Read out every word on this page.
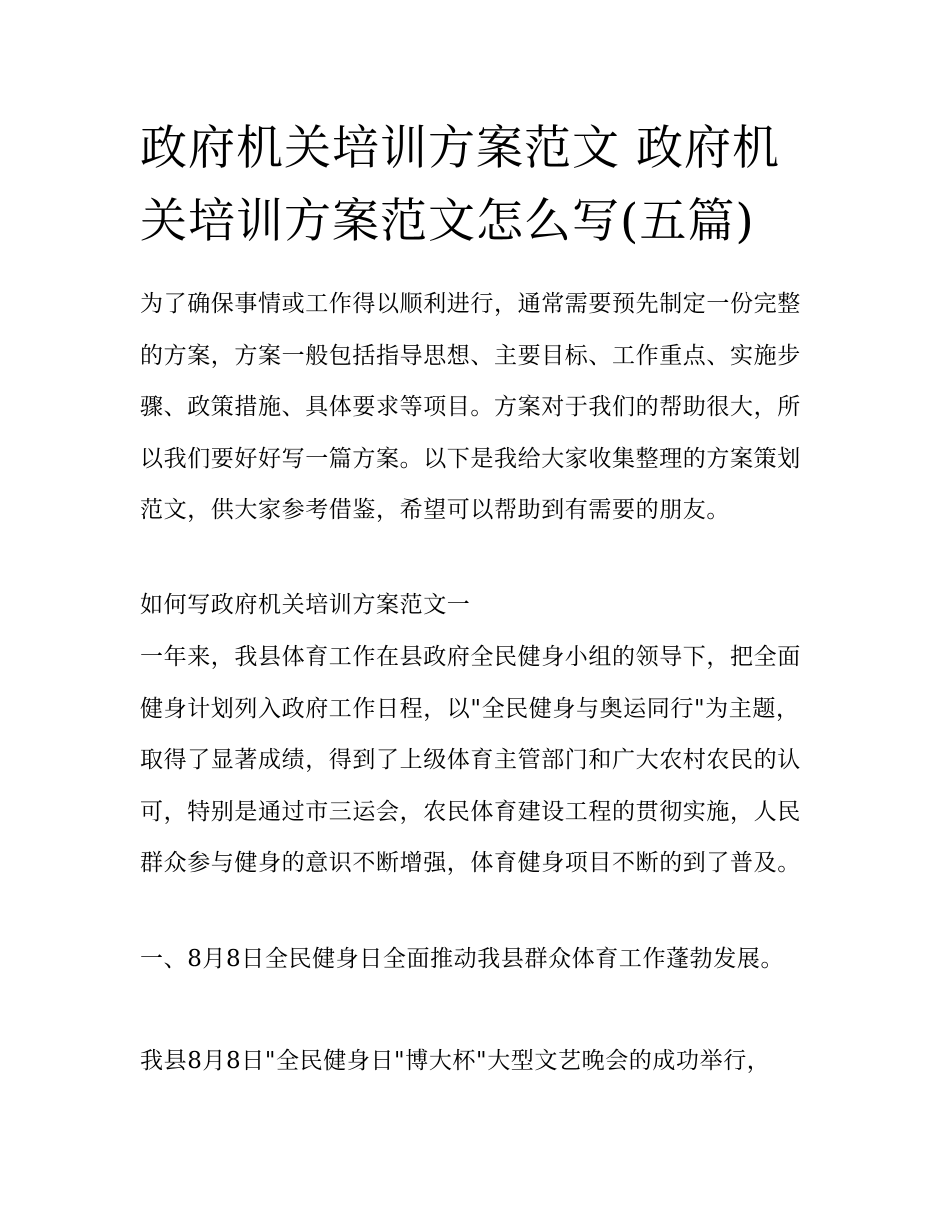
政府机关培训方案范文 政府机关培训方案范文怎么写(五篇)

为了确保事情或工作得以顺利进行，通常需要预先制定一份完整的方案，方案一般包括指导思想、主要目标、工作重点、实施步骤、政策措施、具体要求等项目。方案对于我们的帮助很大，所以我们要好好写一篇方案。以下是我给大家收集整理的方案策划范文，供大家参考借鉴，希望可以帮助到有需要的朋友。

如何写政府机关培训方案范文一

一年来，我县体育工作在县政府全民健身小组的领导下，把全面健身计划列入政府工作日程，以"全民健身与奥运同行"为主题，取得了显著成绩，得到了上级体育主管部门和广大农村农民的认可，特别是通过市三运会，农民体育建设工程的贯彻实施，人民群众参与健身的意识不断增强，体育健身项目不断的到了普及。

一、8月8日全民健身日全面推动我县群众体育工作蓬勃发展。

我县8月8日"全民健身日"博大杯"大型文艺晚会的成功举行，
